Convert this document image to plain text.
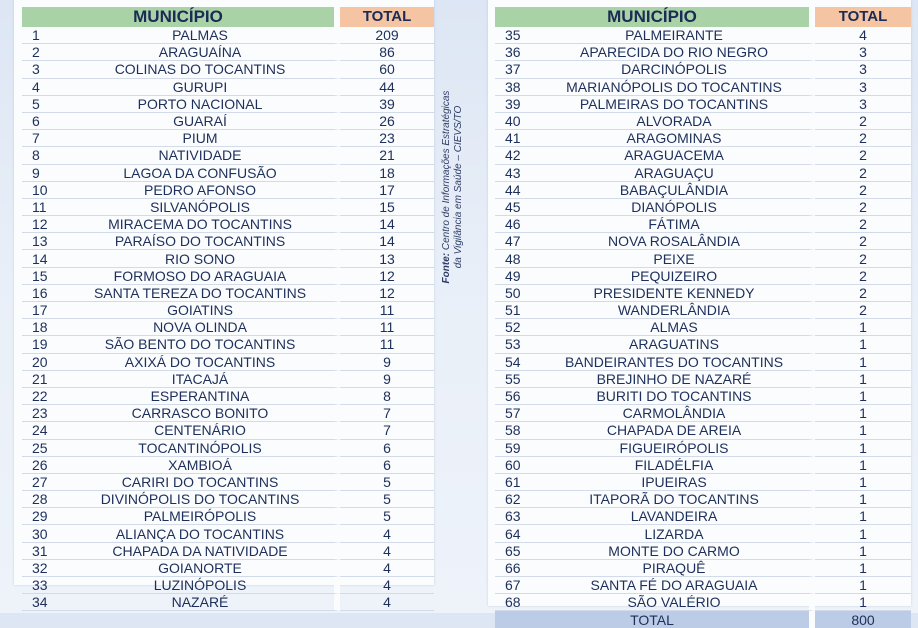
MUNICÍPIO		TOTAL
1	PALMAS	209
2	ARAGUAÍNA	86
3	COLINAS DO TOCANTINS	60
4	GURUPI	44
5	PORTO NACIONAL	39
6	GUARAÍ	26
7	PIUM	23
8	NATIVIDADE	21
9	LAGOA DA CONFUSÃO	18
10	PEDRO AFONSO	17
11	SILVANÓPOLIS	15
12	MIRACEMA DO TOCANTINS	14
13	PARAÍSO DO TOCANTINS	14
14	RIO SONO	13
15	FORMOSO DO ARAGUAIA	12
16	SANTA TEREZA DO TOCANTINS	12
17	GOIATINS	11
18	NOVA OLINDA	11
19	SÃO BENTO DO TOCANTINS	11
20	AXIXÁ DO TOCANTINS	9
21	ITACAJÁ	9
22	ESPERANTINA	8
23	CARRASCO BONITO	7
24	CENTENÁRIO	7
25	TOCANTINÓPOLIS	6
26	XAMBIOÁ	6
27	CARIRI DO TOCANTINS	5
28	DIVINÓPOLIS DO TOCANTINS	5
29	PALMEIRÓPOLIS	5
30	ALIANÇA DO TOCANTINS	4
31	CHAPADA DA NATIVIDADE	4
32	GOIANORTE	4
33	LUZINÓPOLIS	4
34	NAZARÉ	4
Fonte: Centro de Informações Estratégicas
da Vigilância em Saúde – CIEVS/TO
MUNICÍPIO		TOTAL
35	PALMEIRANTE	4
36	APARECIDA DO RIO NEGRO	3
37	DARCINÓPOLIS	3
38	MARIANÓPOLIS DO TOCANTINS	3
39	PALMEIRAS DO TOCANTINS	3
40	ALVORADA	2
41	ARAGOMINAS	2
42	ARAGUACEMA	2
43	ARAGUAÇU	2
44	BABAÇULÂNDIA	2
45	DIANÓPOLIS	2
46	FÁTIMA	2
47	NOVA ROSALÂNDIA	2
48	PEIXE	2
49	PEQUIZEIRO	2
50	PRESIDENTE KENNEDY	2
51	WANDERLÂNDIA	2
52	ALMAS	1
53	ARAGUATINS	1
54	BANDEIRANTES DO TOCANTINS	1
55	BREJINHO DE NAZARÉ	1
56	BURITI DO TOCANTINS	1
57	CARMOLÂNDIA	1
58	CHAPADA DE AREIA	1
59	FIGUEIRÓPOLIS	1
60	FILADÉLFIA	1
61	IPUEIRAS	1
62	ITAPORÃ DO TOCANTINS	1
63	LAVANDEIRA	1
64	LIZARDA	1
65	MONTE DO CARMO	1
66	PIRAQUÊ	1
67	SANTA FÉ DO ARAGUAIA	1
68	SÃO VALÉRIO	1
TOTAL		800
